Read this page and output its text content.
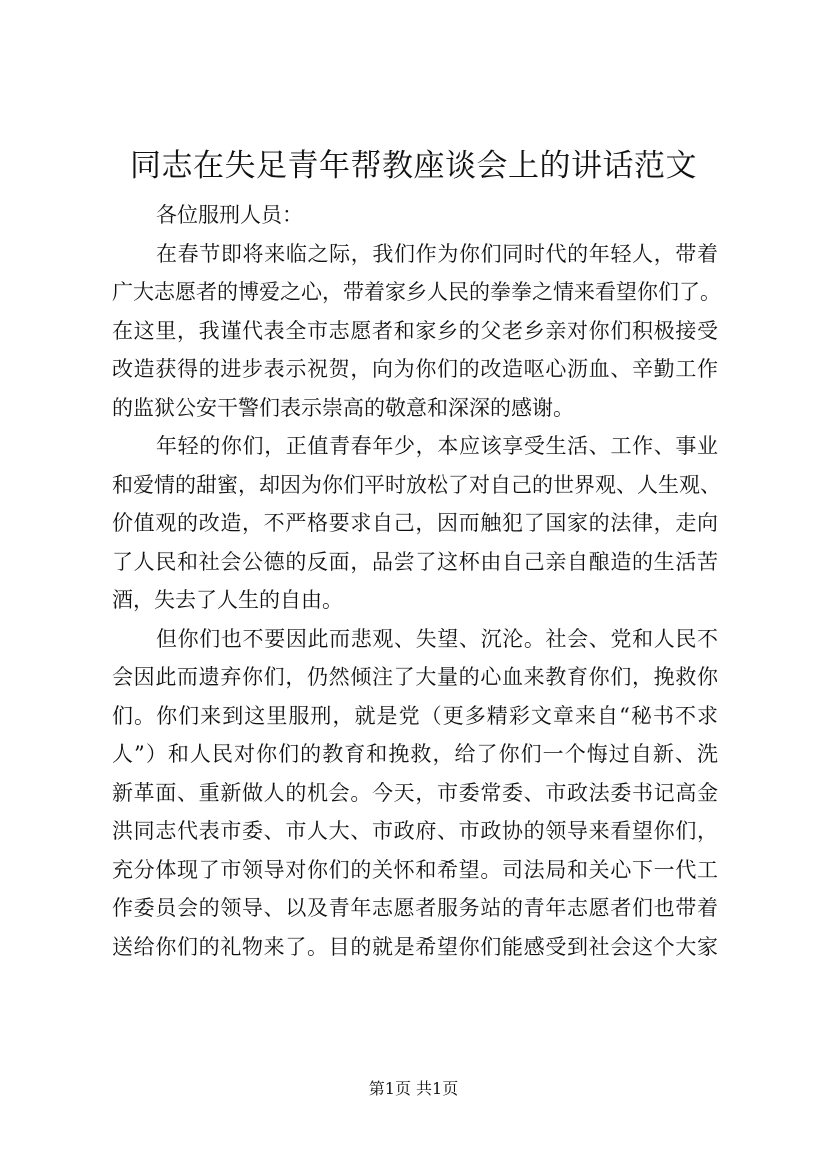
同志在失足青年帮教座谈会上的讲话范文
各位服刑人员：
在春节即将来临之际，我们作为你们同时代的年轻人，带着
广大志愿者的博爱之心，带着家乡人民的拳拳之情来看望你们了。
在这里，我谨代表全市志愿者和家乡的父老乡亲对你们积极接受
改造获得的进步表示祝贺，向为你们的改造呕心沥血、辛勤工作
的监狱公安干警们表示崇高的敬意和深深的感谢。
年轻的你们，正值青春年少，本应该享受生活、工作、事业
和爱情的甜蜜，却因为你们平时放松了对自己的世界观、人生观、
价值观的改造，不严格要求自己，因而触犯了国家的法律，走向
了人民和社会公德的反面，品尝了这杯由自己亲自酿造的生活苦
酒，失去了人生的自由。
但你们也不要因此而悲观、失望、沉沦。社会、党和人民不
会因此而遗弃你们，仍然倾注了大量的心血来教育你们，挽救你
们。你们来到这里服刑，就是党（更多精彩文章来自“秘书不求
人”）和人民对你们的教育和挽救，给了你们一个悔过自新、洗
新革面、重新做人的机会。今天，市委常委、市政法委书记高金
洪同志代表市委、市人大、市政府、市政协的领导来看望你们，
充分体现了市领导对你们的关怀和希望。司法局和关心下一代工
作委员会的领导、以及青年志愿者服务站的青年志愿者们也带着
送给你们的礼物来了。目的就是希望你们能感受到社会这个大家
第1页 共1页
